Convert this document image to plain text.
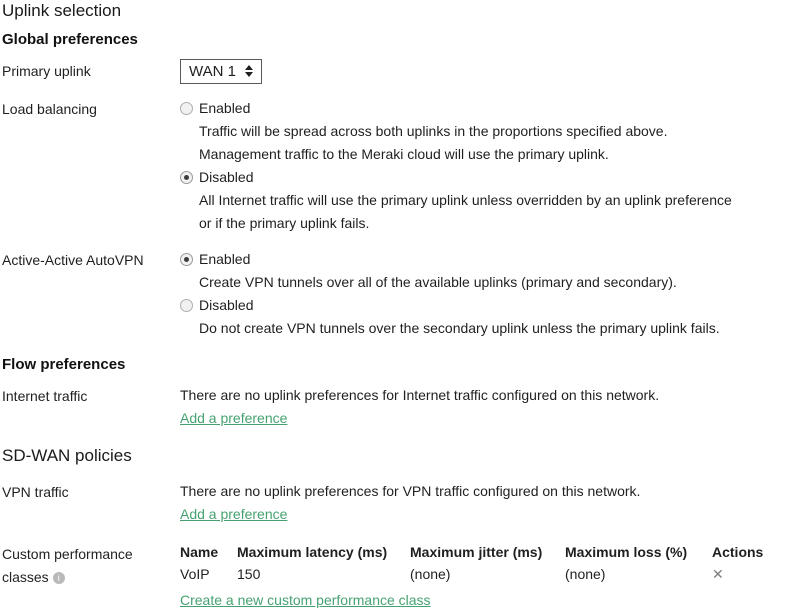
Uplink selection
Global preferences
Primary uplink	WAN 1
Load balancing	Enabled
Traffic will be spread across both uplinks in the proportions specified above.
Management traffic to the Meraki cloud will use the primary uplink.
Disabled
All Internet traffic will use the primary uplink unless overridden by an uplink preference
or if the primary uplink fails.
Active-Active AutoVPN	Enabled
Create VPN tunnels over all of the available uplinks (primary and secondary).
Disabled
Do not create VPN tunnels over the secondary uplink unless the primary uplink fails.
Flow preferences
Internet traffic	There are no uplink preferences for Internet traffic configured on this network.
Add a preference
SD-WAN policies
VPN traffic	There are no uplink preferences for VPN traffic configured on this network.
Add a preference
Custom performance classes i
Name	Maximum latency (ms)	Maximum jitter (ms)	Maximum loss (%)	Actions
VoIP	150	(none)	(none)	✕
Create a new custom performance class
